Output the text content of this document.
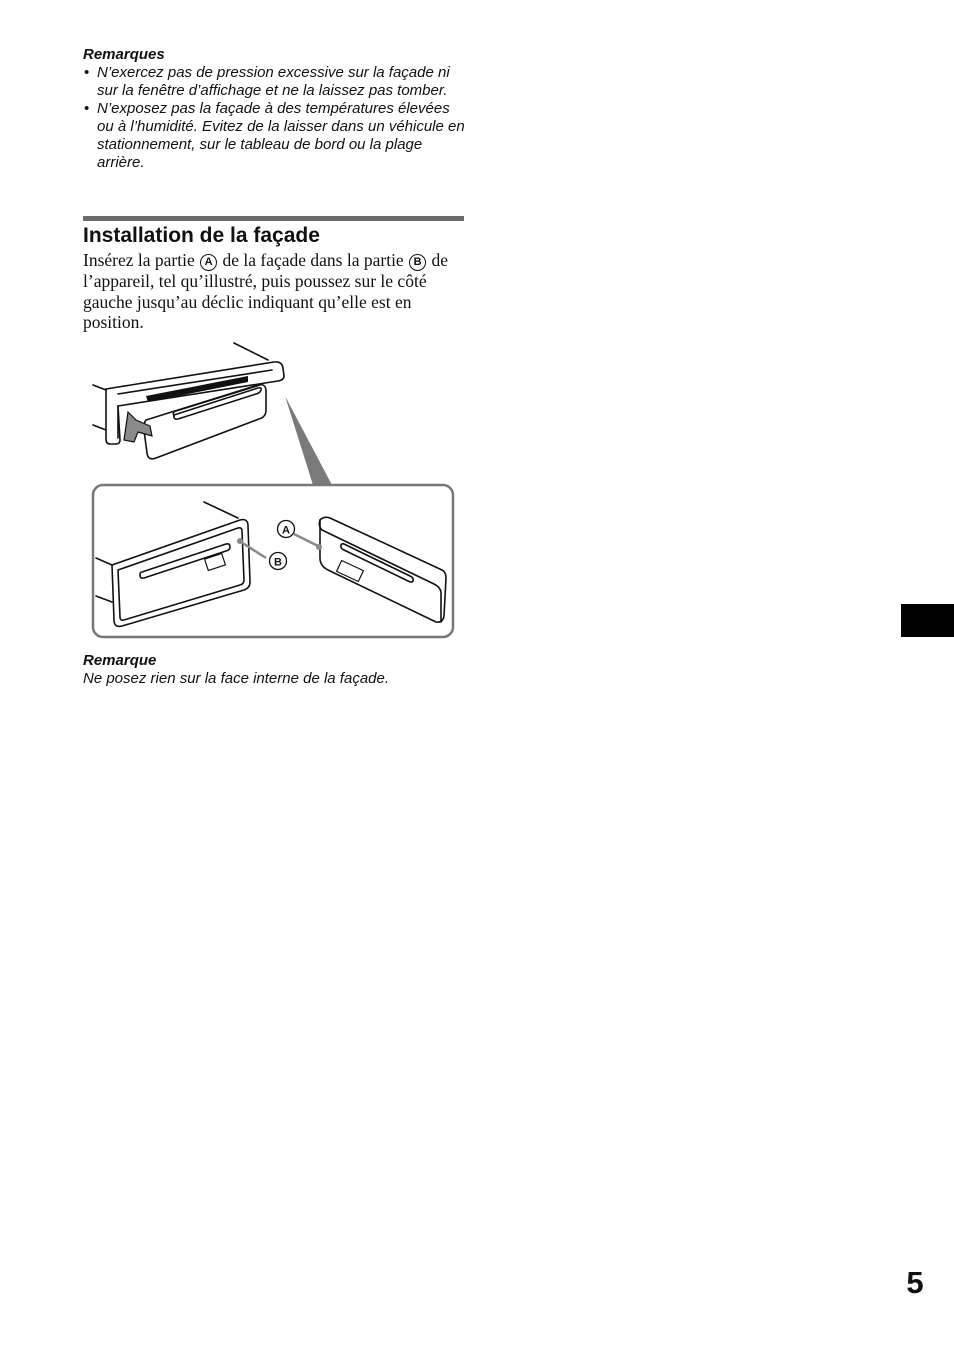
Remarques

• N’exercez pas de pression excessive sur la façade ni sur la fenêtre d’affichage et ne la laissez pas tomber.
• N’exposez pas la façade à des températures élevées ou à l’humidité. Evitez de la laisser dans un véhicule en stationnement, sur le tableau de bord ou la plage arrière.
Installation de la façade

Insérez la partie A de la façade dans la partie B de l’appareil, tel qu’illustré, puis poussez sur le côté gauche jusqu’au déclic indiquant qu’elle est en position.

B
A

Remarque

Ne posez rien sur la face interne de la façade.

5
